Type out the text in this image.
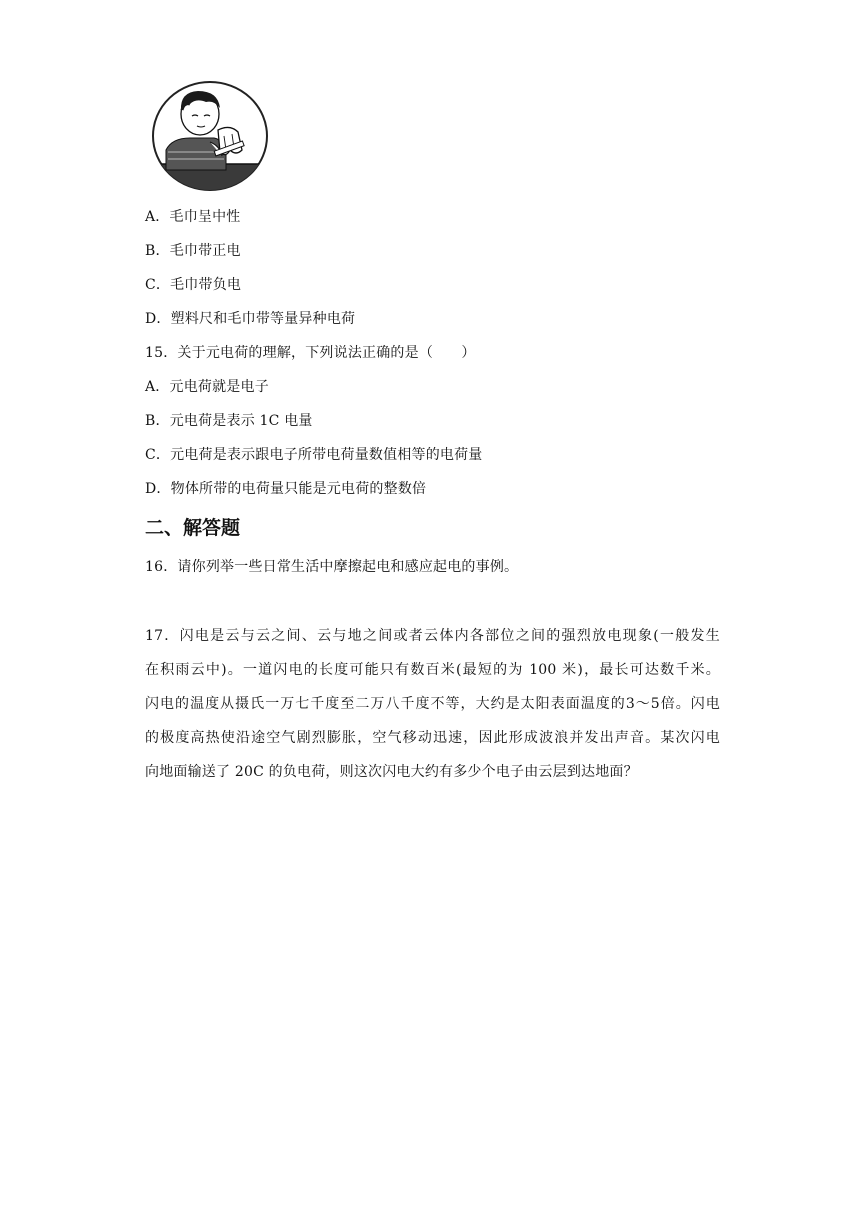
A．毛巾呈中性
B．毛巾带正电
C．毛巾带负电
D．塑料尺和毛巾带等量异种电荷
15．关于元电荷的理解，下列说法正确的是（　　）
A．元电荷就是电子
B．元电荷是表示 1C 电量
C．元电荷是表示跟电子所带电荷量数值相等的电荷量
D．物体所带的电荷量只能是元电荷的整数倍
二、解答题
16．请你列举一些日常生活中摩擦起电和感应起电的事例。
17．闪电是云与云之间、云与地之间或者云体内各部位之间的强烈放电现象(一般发生
在积雨云中)。一道闪电的长度可能只有数百米(最短的为 100 米)，最长可达数千米。
闪电的温度从摄氏一万七千度至二万八千度不等，大约是太阳表面温度的3～5倍。闪电
的极度高热使沿途空气剧烈膨胀，空气移动迅速，因此形成波浪并发出声音。某次闪电
向地面输送了 20C 的负电荷，则这次闪电大约有多少个电子由云层到达地面？
